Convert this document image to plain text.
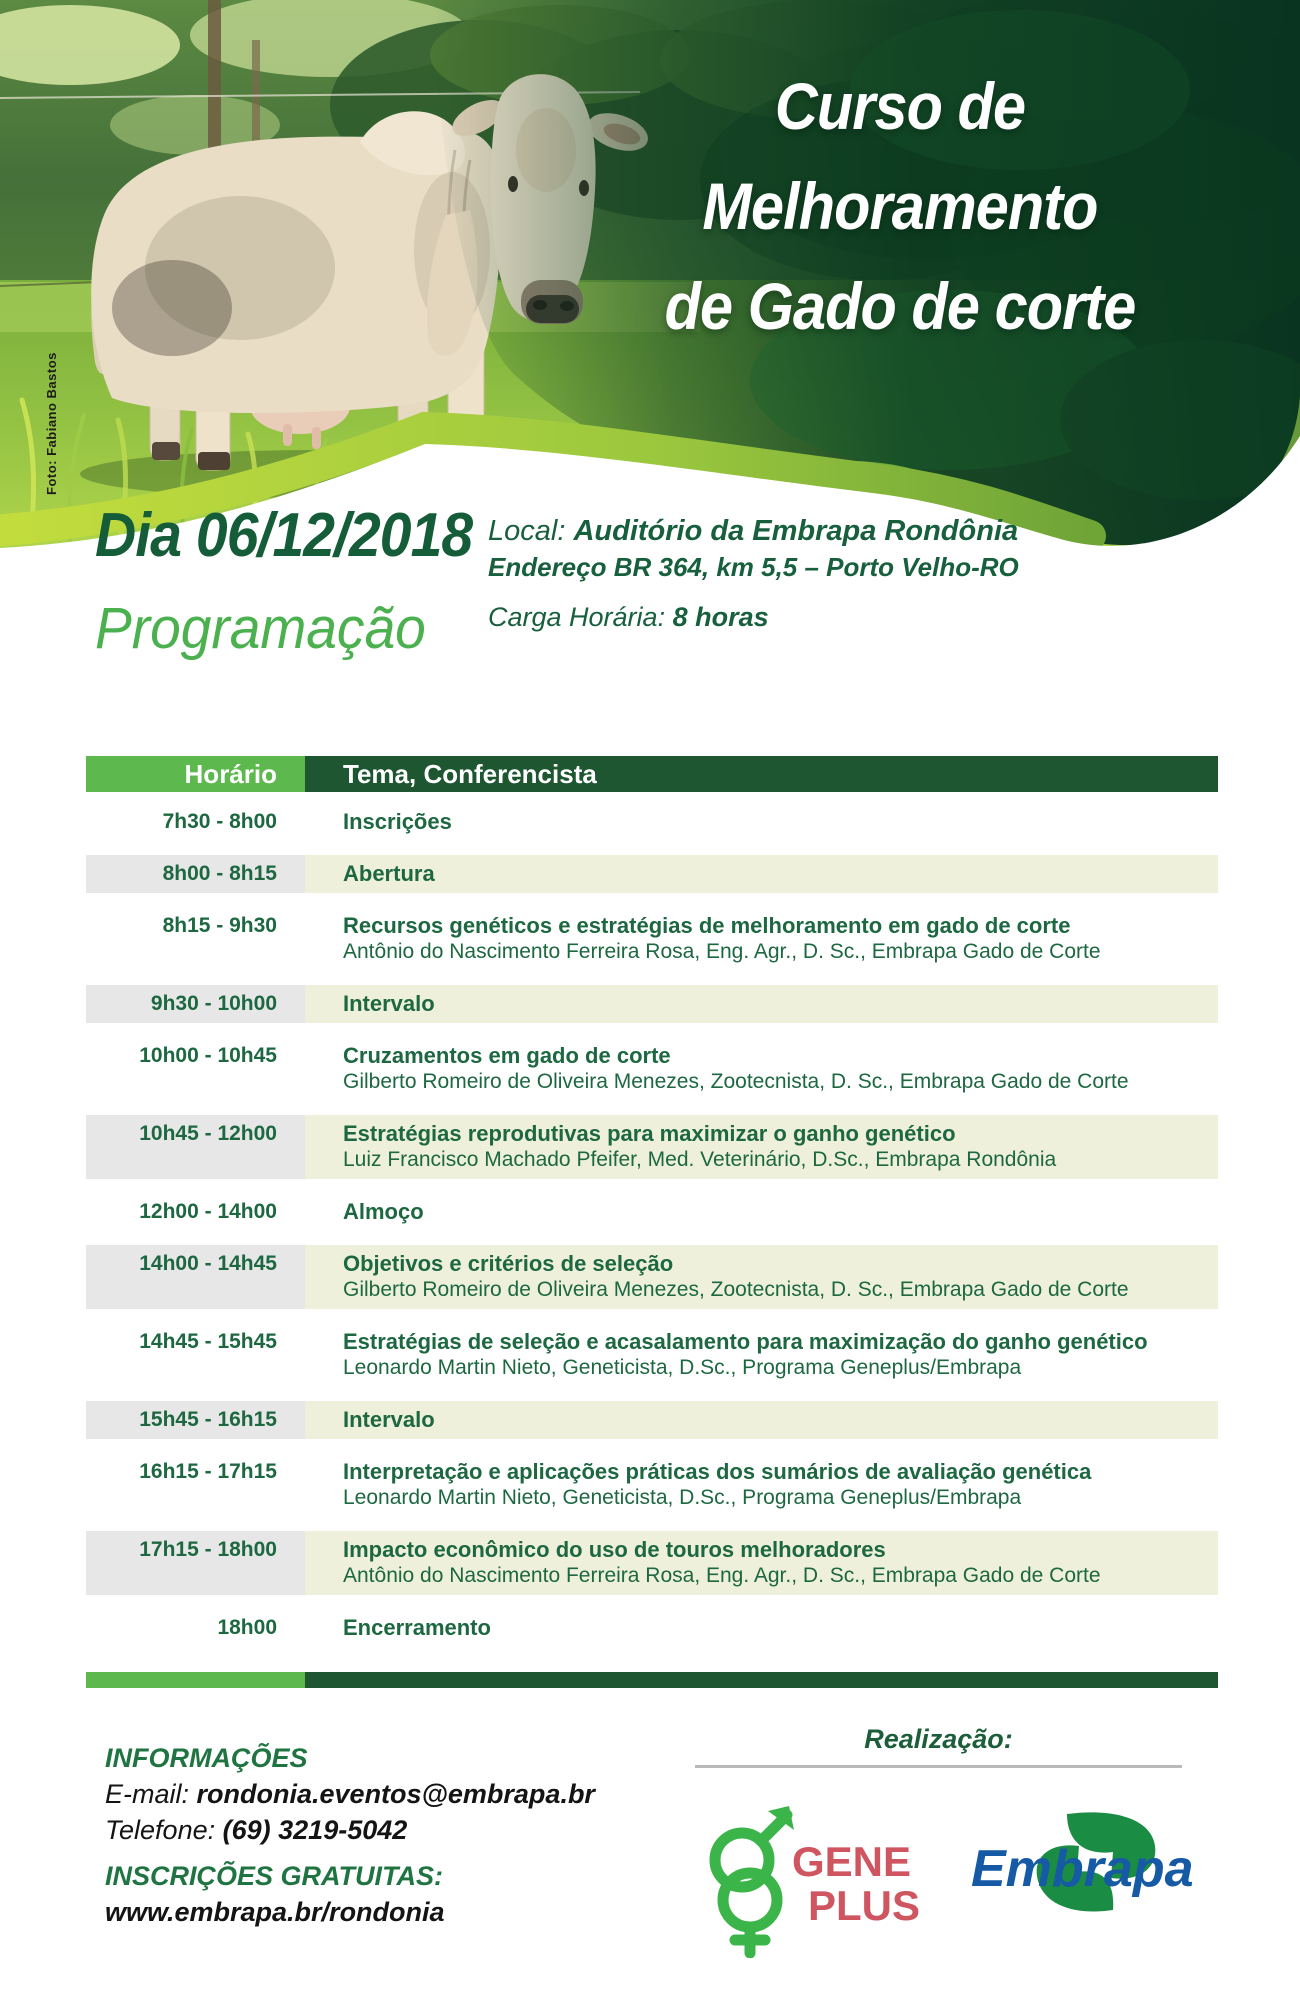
Curso de
Melhoramento
de Gado de corte
Foto: Fabiano Bastos
Dia 06/12/2018
Programação
Local: Auditório da Embrapa Rondônia
Endereço BR 364, km 5,5 – Porto Velho-RO
Carga Horária: 8 horas
Horário	Tema, Conferencista
7h30 - 8h00	Inscrições
8h00 - 8h15	Abertura
8h15 - 9h30	Recursos genéticos e estratégias de melhoramento em gado de corte
Antônio do Nascimento Ferreira Rosa, Eng. Agr., D. Sc., Embrapa Gado de Corte
9h30 - 10h00	Intervalo
10h00 - 10h45	Cruzamentos em gado de corte
Gilberto Romeiro de Oliveira Menezes, Zootecnista, D. Sc., Embrapa Gado de Corte
10h45 - 12h00	Estratégias reprodutivas para maximizar o ganho genético
Luiz Francisco Machado Pfeifer, Med. Veterinário, D.Sc., Embrapa Rondônia
12h00 - 14h00	Almoço
14h00 - 14h45	Objetivos e critérios de seleção
Gilberto Romeiro de Oliveira Menezes, Zootecnista, D. Sc., Embrapa Gado de Corte
14h45 - 15h45	Estratégias de seleção e acasalamento para maximização do ganho genético
Leonardo Martin Nieto, Geneticista, D.Sc., Programa Geneplus/Embrapa
15h45 - 16h15	Intervalo
16h15 - 17h15	Interpretação e aplicações práticas dos sumários de avaliação genética
Leonardo Martin Nieto, Geneticista, D.Sc., Programa Geneplus/Embrapa
17h15 - 18h00	Impacto econômico do uso de touros melhoradores
Antônio do Nascimento Ferreira Rosa, Eng. Agr., D. Sc., Embrapa Gado de Corte
18h00	Encerramento
INFORMAÇÕES
E-mail: rondonia.eventos@embrapa.br
Telefone: (69) 3219-5042
INSCRIÇÕES GRATUITAS:
www.embrapa.br/rondonia
Realização:
GENE
PLUS
Embrapa
